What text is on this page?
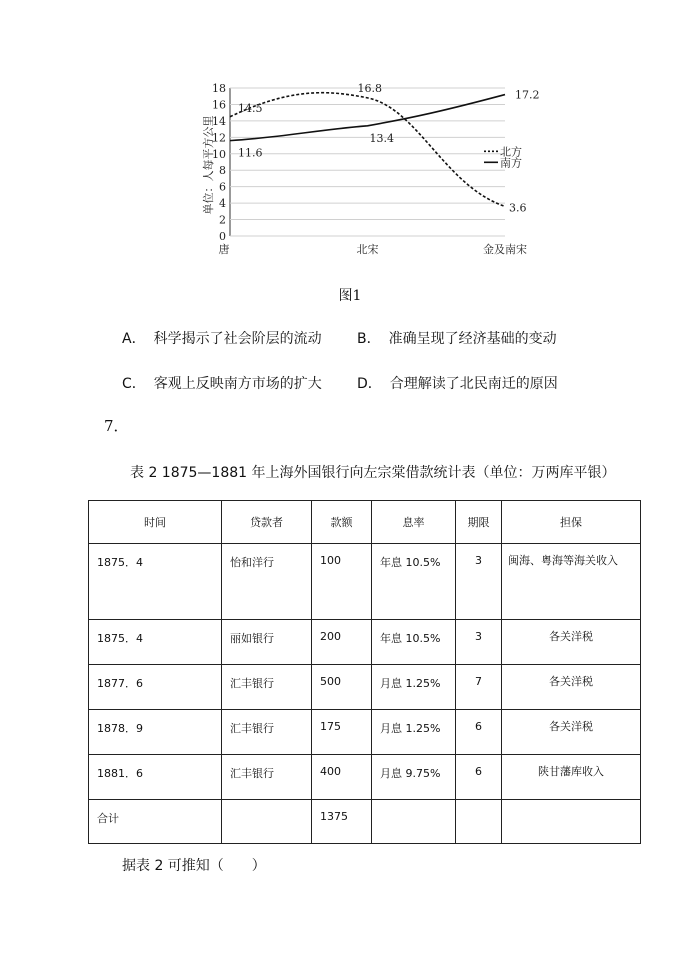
0
2
4
6
8
10
12
14
16
18
唐	北宋	金及南宋
14.5
16.8
3.6
11.6
13.4
17.2
北方
南方
单位：人每平方公里
图1
A． 科学揭示了社会阶层的流动	B． 准确呈现了经济基础的变动
C． 客观上反映南方市场的扩大	D． 合理解读了北民南迁的原因
7．
表 2 1875—1881 年上海外国银行向左宗棠借款统计表（单位：万两库平银）
时间	贷款者	款额	息率	期限	担保
1875．4	怡和洋行	100	年息 10.5%	3	闽海、粤海等海关收入
1875．4	丽如银行	200	年息 10.5%	3	各关洋税
1877．6	汇丰银行	500	月息 1.25%	7	各关洋税
1878．9	汇丰银行	175	月息 1.25%	6	各关洋税
1881．6	汇丰银行	400	月息 9.75%	6	陕甘藩库收入
合计		1375			
据表 2 可推知（　　）
